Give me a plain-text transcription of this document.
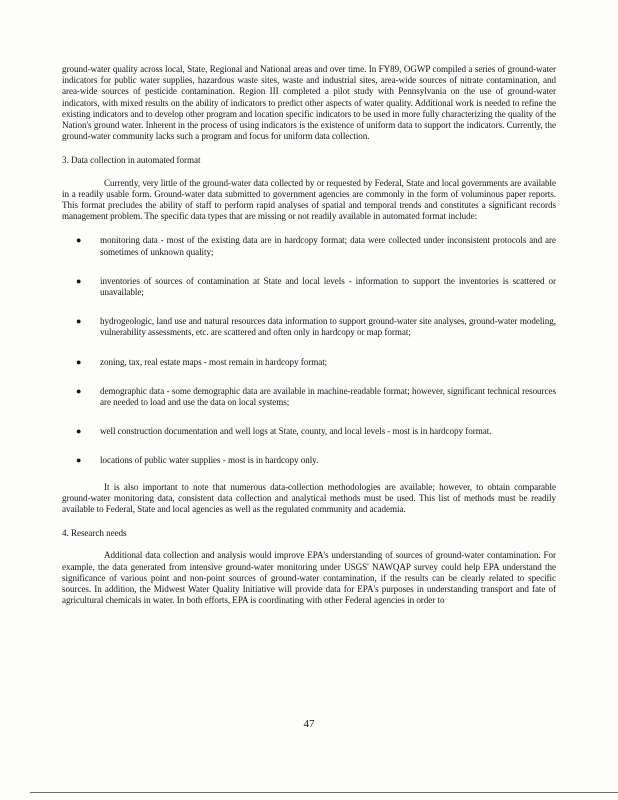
ground-water quality across local, State, Regional and National areas and over time. In FY89, OGWP compiled a series of ground-water indicators for public water supplies, hazardous waste sites, waste and industrial sites, area-wide sources of nitrate contamination, and area-wide sources of pesticide contamination. Region III completed a pilot study with Pennsylvania on the use of ground-water indicators, with mixed results on the ability of indicators to predict other aspects of water quality. Additional work is needed to refine the existing indicators and to develop other program and location specific indicators to be used in more fully characterizing the quality of the Nation's ground water. Inherent in the process of using indicators is the existence of uniform data to support the indicators. Currently, the ground-water community lacks such a program and focus for uniform data collection.

3. Data collection in automated format

Currently, very little of the ground-water data collected by or requested by Federal, State and local governments are available in a readily usable form. Ground-water data submitted to government agencies are commonly in the form of voluminous paper reports. This format precludes the ability of staff to perform rapid analyses of spatial and temporal trends and constitutes a significant records management problem. The specific data types that are missing or not readily available in automated format include:

● monitoring data - most of the existing data are in hardcopy format; data were collected under inconsistent protocols and are sometimes of unknown quality;
● inventories of sources of contamination at State and local levels - information to support the inventories is scattered or unavailable;
● hydrogeologic, land use and natural resources data information to support ground-water site analyses, ground-water modeling, vulnerability assessments, etc. are scattered and often only in hardcopy or map format;
● zoning, tax, real estate maps - most remain in hardcopy format;
● demographic data - some demographic data are available in machine-readable format; however, significant technical resources are needed to load and use the data on local systems;
● well construction documentation and well logs at State, county, and local levels - most is in hardcopy format.
● locations of public water supplies - most is in hardcopy only.

It is also important to note that numerous data-collection methodologies are available; however, to obtain comparable ground-water monitoring data, consistent data collection and analytical methods must be used. This list of methods must be readily available to Federal, State and local agencies as well as the regulated community and academia.

4. Research needs

Additional data collection and analysis would improve EPA's understanding of sources of ground-water contamination. For example, the data generated from intensive ground-water monitoring under USGS' NAWQAP survey could help EPA understand the significance of various point and non-point sources of ground-water contamination, if the results can be clearly related to specific sources. In addition, the Midwest Water Quality Initiative will provide data for EPA's purposes in understanding transport and fate of agricultural chemicals in water. In both efforts, EPA is coordinating with other Federal agencies in order to

47
